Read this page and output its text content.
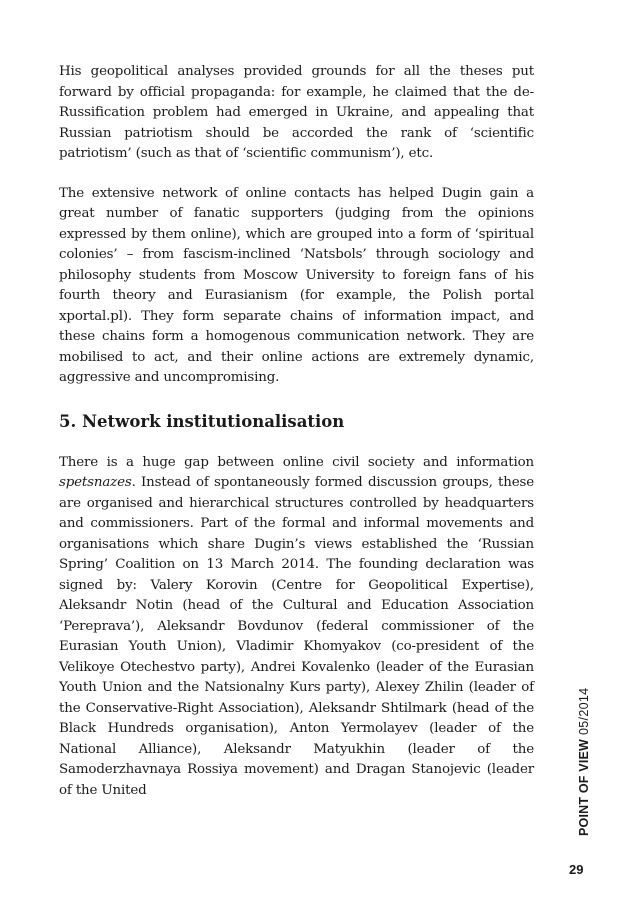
His geopolitical analyses provided grounds for all the theses put forward by official propaganda: for example, he claimed that the de-Russification problem had emerged in Ukraine, and appealing that Russian patriotism should be accorded the rank of ‘scientific patriotism’ (such as that of ‘scientific communism’), etc.

The extensive network of online contacts has helped Dugin gain a great number of fanatic supporters (judging from the opinions expressed by them online), which are grouped into a form of ‘spiritual colonies’ – from fascism-inclined ‘Natsbols’ through sociology and philosophy students from Moscow University to foreign fans of his fourth theory and Eurasianism (for example, the Polish portal xportal.pl). They form separate chains of information impact, and these chains form a homogenous communication network. They are mobilised to act, and their online actions are extremely dynamic, aggressive and uncompromising.

5. Network institutionalisation

There is a huge gap between online civil society and information spetsnazes. Instead of spontaneously formed discussion groups, these are organised and hierarchical structures controlled by headquarters and commissioners. Part of the formal and informal movements and organisations which share Dugin’s views established the ‘Russian Spring’ Coalition on 13 March 2014. The founding declaration was signed by: Valery Korovin (Centre for Geopolitical Expertise), Aleksandr Notin (head of the Cultural and Education Association ‘Pereprava’), Aleksandr Bovdunov (federal commissioner of the Eurasian Youth Union), Vladimir Khomyakov (co-president of the Velikoye Otechestvo party), Andrei Kovalenko (leader of the Eurasian Youth Union and the Natsionalny Kurs party), Alexey Zhilin (leader of the Conservative-Right Association), Aleksandr Shtilmark (head of the Black Hundreds organisation), Anton Yermolayev (leader of the National Alliance), Aleksandr Matyukhin (leader of the Samoderzhavnaya Rossiya movement) and Dragan Stanojevic (leader of the United	POINT OF VIEW05/2014
29
